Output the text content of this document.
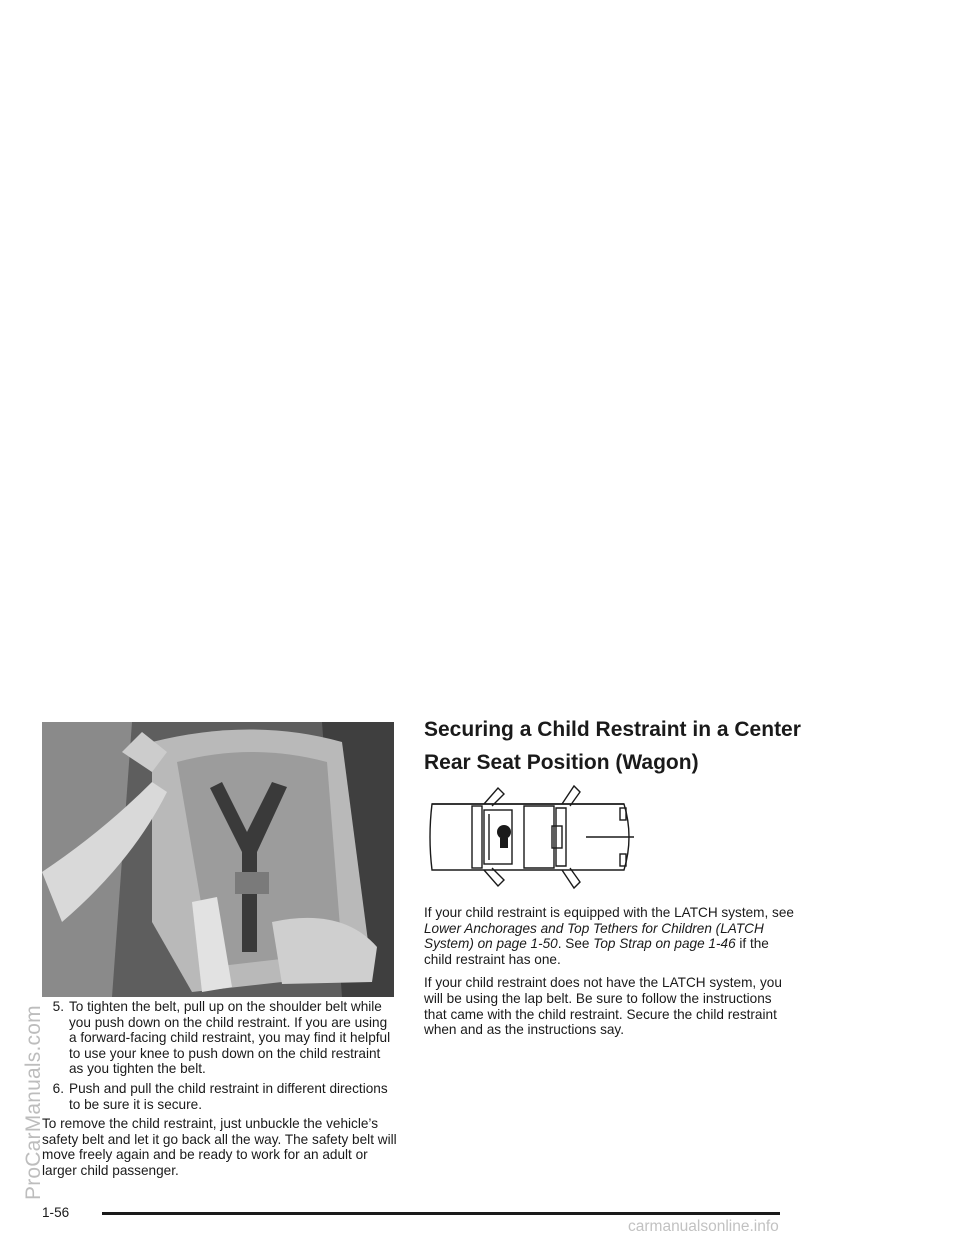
5. To tighten the belt, pull up on the shoulder belt while you push down on the child restraint. If you are using a forward-facing child restraint, you may find it helpful to use your knee to push down on the child restraint as you tighten the belt.
6. Push and pull the child restraint in different directions to be sure it is secure.

To remove the child restraint, just unbuckle the vehicle’s safety belt and let it go back all the way. The safety belt will move freely again and be ready to work for an adult or larger child passenger.

Securing a Child Restraint in a Center Rear Seat Position (Wagon)

If your child restraint is equipped with the LATCH system, see Lower Anchorages and Top Tethers for Children (LATCH System) on page 1-50. See Top Strap on page 1-46 if the child restraint has one.

If your child restraint does not have the LATCH system, you will be using the lap belt. Be sure to follow the instructions that came with the child restraint. Secure the child restraint when and as the instructions say.

1-56
carmanualsonline.info
ProCarManuals.com
